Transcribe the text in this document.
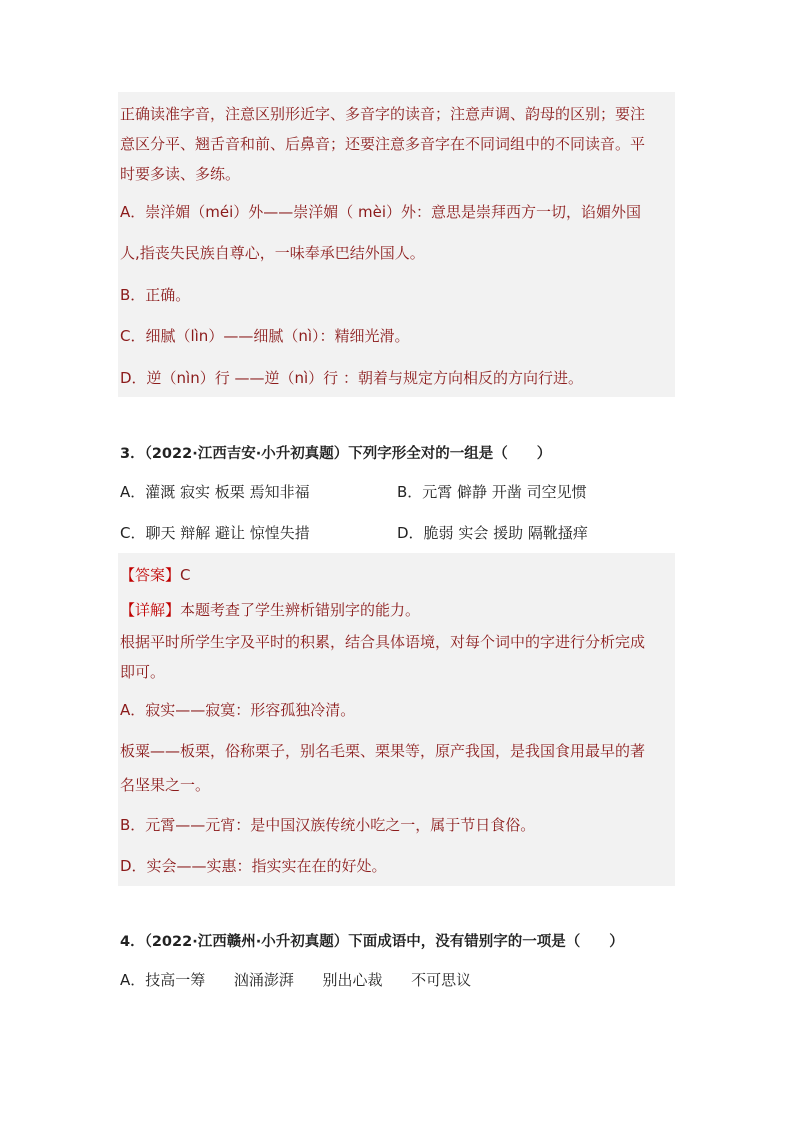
正确读准字音，注意区别形近字、多音字的读音；注意声调、韵母的区别；要注
意区分平、翘舌音和前、后鼻音；还要注意多音字在不同词组中的不同读音。平
时要多读、多练。
A．崇洋媚（méi）外——崇洋媚（ mèi）外：意思是崇拜西方一切，谄媚外国
人,指丧失民族自尊心，一味奉承巴结外国人。
B．正确。
C．细腻（lìn）——细腻（nì）：精细光滑。
D．逆（nìn）行 ——逆（nì）行 ：朝着与规定方向相反的方向行进。
3．（2022·江西吉安·小升初真题）下列字形全对的一组是（　　）
A．灌溉 寂实 板栗 焉知非福	B．元霄 僻静 开凿 司空见惯
C．聊天 辩解 避让 惊惶失措	D．脆弱 实会 援助 隔靴搔痒
【答案】C
【详解】本题考查了学生辨析错别字的能力。
根据平时所学生字及平时的积累，结合具体语境，对每个词中的字进行分析完成
即可。
A．寂实——寂寞：形容孤独冷清。
板粟——板栗，俗称栗子，别名毛栗、栗果等，原产我国，是我国食用最早的著
名坚果之一。
B．元霄——元宵：是中国汉族传统小吃之一，属于节日食俗。
D．实会——实惠：指实实在在的好处。
4．（2022·江西赣州·小升初真题）下面成语中，没有错别字的一项是（　　）
A．技高一筹      汹涌澎湃      别出心裁      不可思议
